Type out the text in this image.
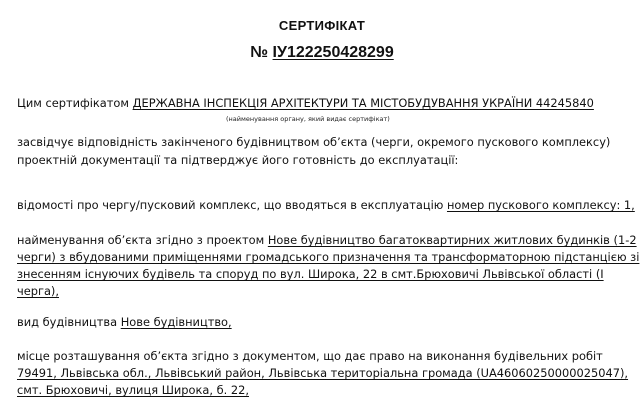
СЕРТИФІКАТ
№ ІУ122250428299
Цим сертифікатом ДЕРЖАВНА ІНСПЕКЦІЯ АРХІТЕКТУРИ ТА МІСТОБУДУВАННЯ УКРАЇНИ 44245840
(найменування органу, який видає сертифікат)
засвідчує відповідність закінченого будівництвом об’єкта (черги, окремого пускового комплексу)
проектній документації та підтверджує його готовність до експлуатації:
відомості про чергу/пусковий комплекс, що вводяться в експлуатацію номер пускового комплексу: 1,
найменування об’єкта згідно з проектом Нове будівництво багатоквартирних житлових будинків (1-2
черги) з вбудованими приміщеннями громадського призначення та трансформаторною підстанцією зі
знесенням існуючих будівель та споруд по вул. Широка, 22 в смт.Брюховичі Львівської області (І
черга),
вид будівництва Нове будівництво,
місце розташування об’єкта згідно з документом, що дає право на виконання будівельних робіт
79491, Львівська обл., Львівський район, Львівська територіальна громада (UA46060250000025047),
смт. Брюховичі, вулиця Широка, б. 22,
